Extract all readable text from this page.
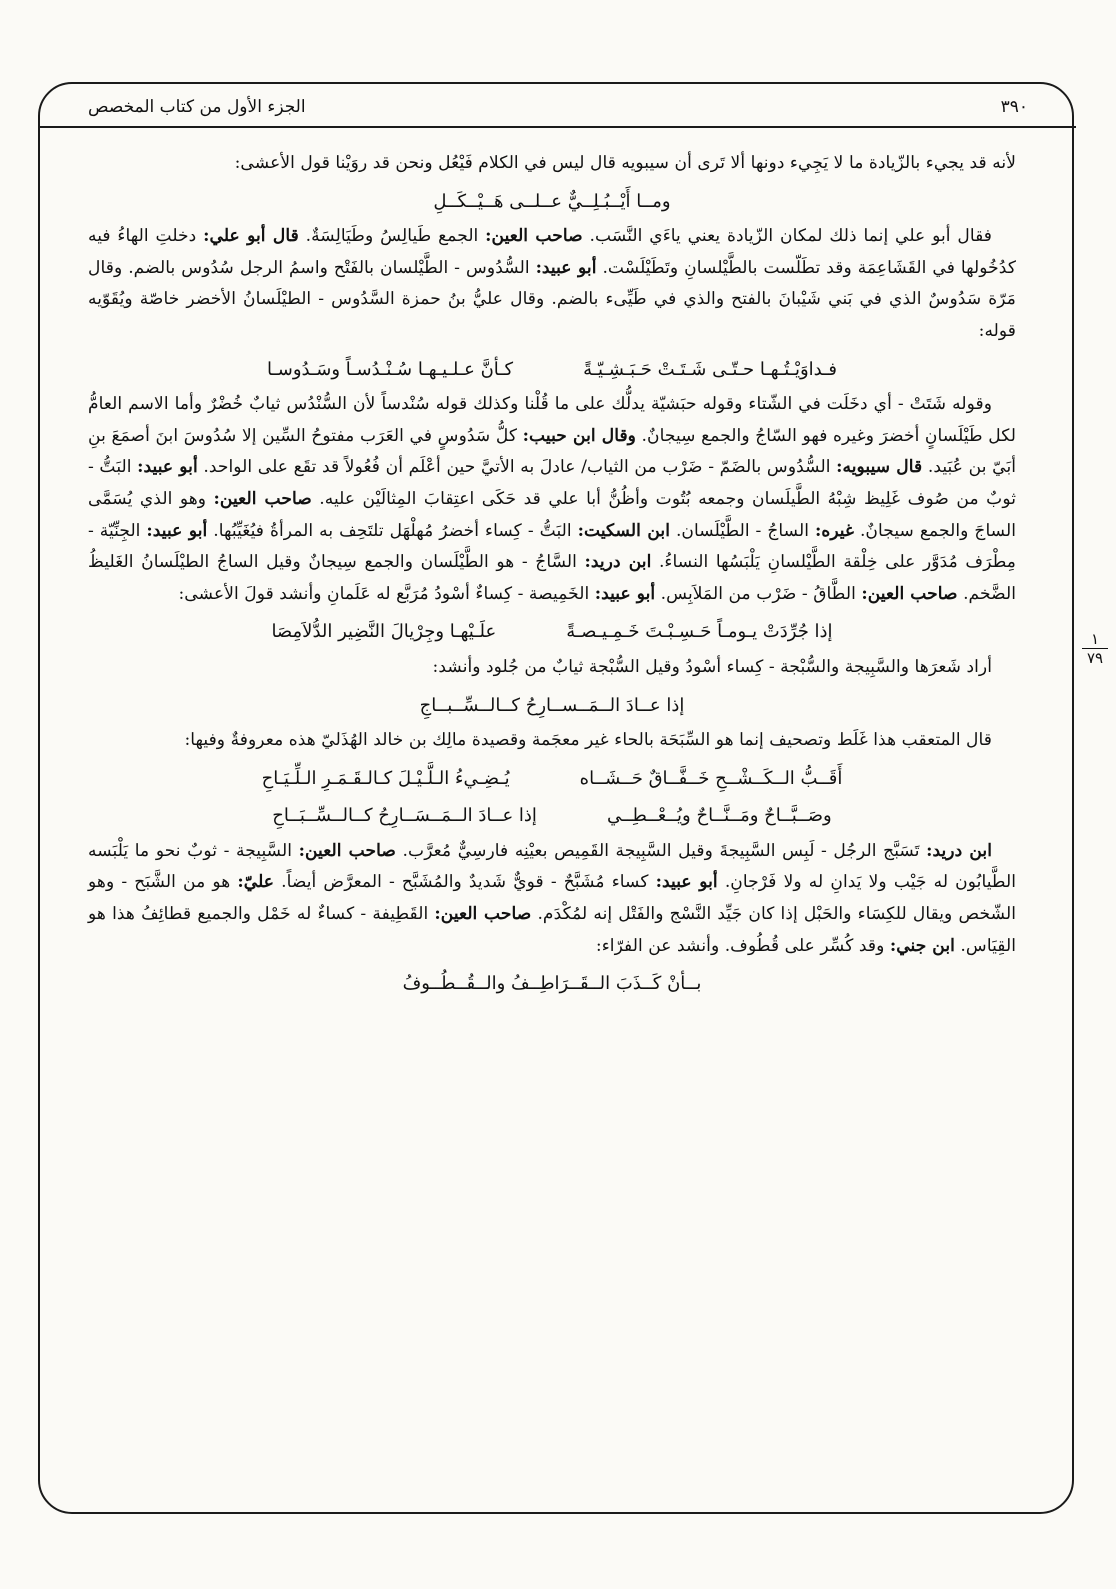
٣٩٠
الجزء الأول من كتاب المخصص
١
٧٩

لأنه قد يجيء بالزّيادة ما لا يَجِيء دونها ألا تَرى أن سيبويه قال ليس في الكلام فَيْعُل ونحن قد روَيْنا قول الأعشى:

ومــا أَيْــبُـلِــيٌّ عــلــى هَــيْــكَــلِ

فقال أبو علي إنما ذلك لمكان الزّيادة يعني ياءَي النَّسَب. صاحب العين: الجمع طَيالِسُ وطَيَالِسَةٌ. قال أبو علي: دخلتِ الهاءُ فيه كدُخُولها في القَشَاعِمَة وقد تطَلّست بالطَّيْلسانِ وتَطَيْلَسْت. أبو عبيد: السُّدُوس - الطَّيْلسان بالفَتْح واسمُ الرجل سُدُوس بالضم. وقال مَرّة سَدُوسٌ الذي في بَني شَيْبانَ بالفتح والذي في طَيِّىء بالضم. وقال عليُّ بنُ حمزة السَّدُوس - الطيْلَسانُ الأخضر خاصّة ويُقَوّيه قوله:

فـداوَيْـتُـهـا حـتّـى شَـتَـتْ حَـبَـشِـيّـةً
كـأنَّ عـلـيـهـا سُـنْـدُسـاً وسَـدُوسـا

وقوله شَتَتْ - أي دخَلَت في الشّتاء وقوله حبَشيّة يدلُّك على ما قُلْنا وكذلك قوله سُنْدساً لأن السُّنْدُس ثيابٌ خُضْرٌ وأما الاسم العامُّ لكل طَيْلَسانٍ أخضرَ وغيره فهو السّاجُ والجمع سِيجانٌ. وقال ابن حبيب: كلُّ سَدُوسٍ في العَرَب مفتوحُ السِّين إلا سُدُوسَ ابنَ أصمَعَ بنِ أبَيّ بن عُبَيد. قال سيبويه: السُّدُوس بالضَمّ - ضَرْب من الثياب/ عادلَ به الأتيَّ حين أعْلَم أن فُعُولاً قد تقَع على الواحد. أبو عبيد: البَتُّ - ثوبٌ من صُوف غَلِيظ شِبْهُ الطَّيلَسان وجمعه بُتُوت وأظُنُّ أبا علي قد حَكَى اعتِقابَ المِثالَيْن عليه. صاحب العين: وهو الذي يُسَمَّى الساجَ والجمع سيجانٌ. غيره: الساجُ - الطَّيْلَسان. ابن السكيت: البَتُّ - كِساء أخضرُ مُهلْهَل تلتَحِف به المرأةُ فيُغَيِّبُها. أبو عبيد: الجِنِّيّة - مِطْرَف مُدَوَّر على خِلْقة الطَّيْلسانِ يَلْبَسُها النساءُ. ابن دريد: السَّاجُ - هو الطَّيْلَسان والجمع سِيجانٌ وقيل الساجُ الطيْلَسانُ الغَليظُ الضَّخم. صاحب العين: الطَّاقُ - ضَرْب من المَلاَبِس. أبو عبيد: الخَمِيصة - كِساءٌ أسْودُ مُرَبَّع له عَلَمانِ وأنشد قولَ الأعشى:

إذا جُرِّدَتْ يـومـاً حَـسِـبْـتَ خَـمِـيـصـةً
علَـيْهـا وجِرْيالَ النَّضِير الدُّلاَمِصَا

أراد شَعرَها والسَّبِيجة والسُّبْجة - كِساء أسْودُ وقيل السُّبْجة ثيابٌ من جُلود وأنشد:

إذا عــادَ الــمَــســارِحُ كــالــسِّــبــاجِ

قال المتعقب هذا غَلَط وتصحيف إنما هو السِّبَحَة بالحاء غير معجَمة وقصيدة مالِك بن خالد الهُذَليّ هذه معروفةٌ وفيها:

أَقَــبُّ الــكَــشْــحِ خَــفَّــاقٌ حَــشَــاه
يُـضِـيءُ الـلَّـيْـلَ كـالـقَـمَـرِ الـلِّـيَـاحِ
وصَــبَّــاحٌ ومَــنَّــاحٌ ويُــعْــطِــي
إذا عــادَ الــمَــسَــارِحُ كــالــسِّــبَــاحِ

ابن دريد: تَسَبَّج الرجُل - لَبِس السَّبِيجةَ وقيل السَّبِيجة القَمِيص بعيْنِه فارسِيٌّ مُعرَّب. صاحب العين: السَّبِيجة - ثوبٌ نحو ما يَلْبَسه الطَّيابُون له جَيْب ولا يَدانِ له ولا فَرْجانِ. أبو عبيد: كساء مُشَبَّحٌ - قويٌّ شَديدٌ والمُشَبَّح - المعرَّض أيضاً. عليّ: هو من الشَّبَح - وهو الشّخص ويقال للكِسَاء والحَبْل إذا كان جَيِّد النَّسْج والفَتْل إنه لمُكْدَم. صاحب العين: القَطِيفة - كساءٌ له خَمْل والجميع قطائِفُ هذا هو القِيَاس. ابن جني: وقد كُسِّر على قُطُوف. وأنشد عن الفرّاء:

بــأنْ كَــذَبَ الــقَــرَاطِــفُ والــقُــطُــوفُ
